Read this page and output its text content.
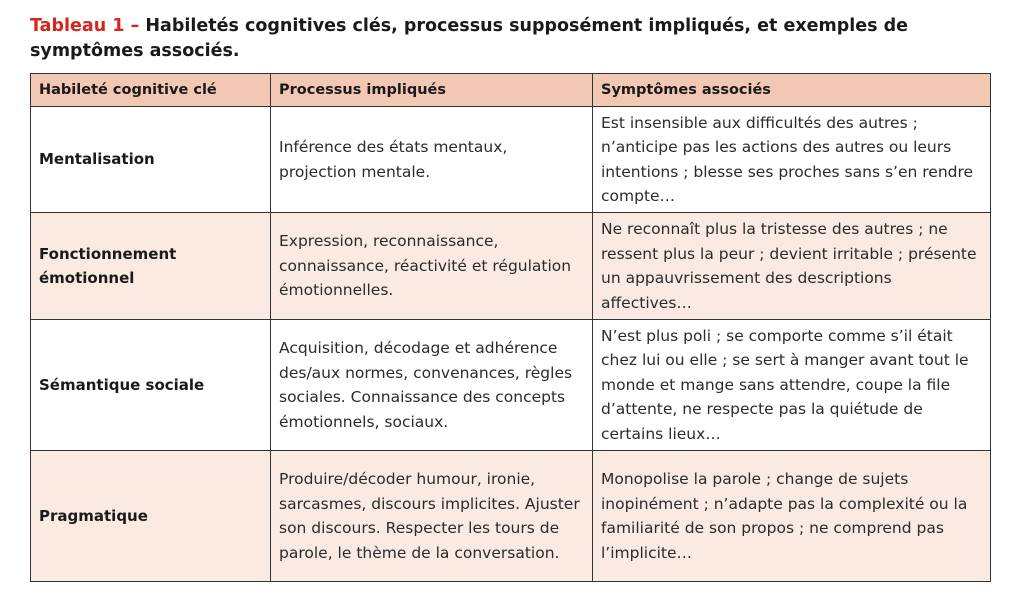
Tableau 1 – Habiletés cognitives clés, processus supposément impliqués, et exemples de symptômes associés.
Habileté cognitive clé	Processus impliqués	Symptômes associés
Mentalisation	Inférence des états mentaux, projection mentale.	Est insensible aux difficultés des autres ; n’anticipe pas les actions des autres ou leurs intentions ; blesse ses proches sans s’en rendre compte…
Fonctionnement émotionnel	Expression, reconnaissance, connaissance, réactivité et régulation émotionnelles.	Ne reconnaît plus la tristesse des autres ; ne ressent plus la peur ; devient irritable ; présente un appauvrissement des descriptions affectives…
Sémantique sociale	Acquisition, décodage et adhérence des/aux normes, convenances, règles sociales. Connaissance des concepts émotionnels, sociaux.	N’est plus poli ; se comporte comme s’il était chez lui ou elle ; se sert à manger avant tout le monde et mange sans attendre, coupe la file d’attente, ne respecte pas la quiétude de certains lieux…
Pragmatique	Produire/décoder humour, ironie, sarcasmes, discours implicites. Ajuster son discours. Respecter les tours de parole, le thème de la conversation.	Monopolise la parole ; change de sujets inopinément ; n’adapte pas la complexité ou la familiarité de son propos ; ne comprend pas l’implicite…
